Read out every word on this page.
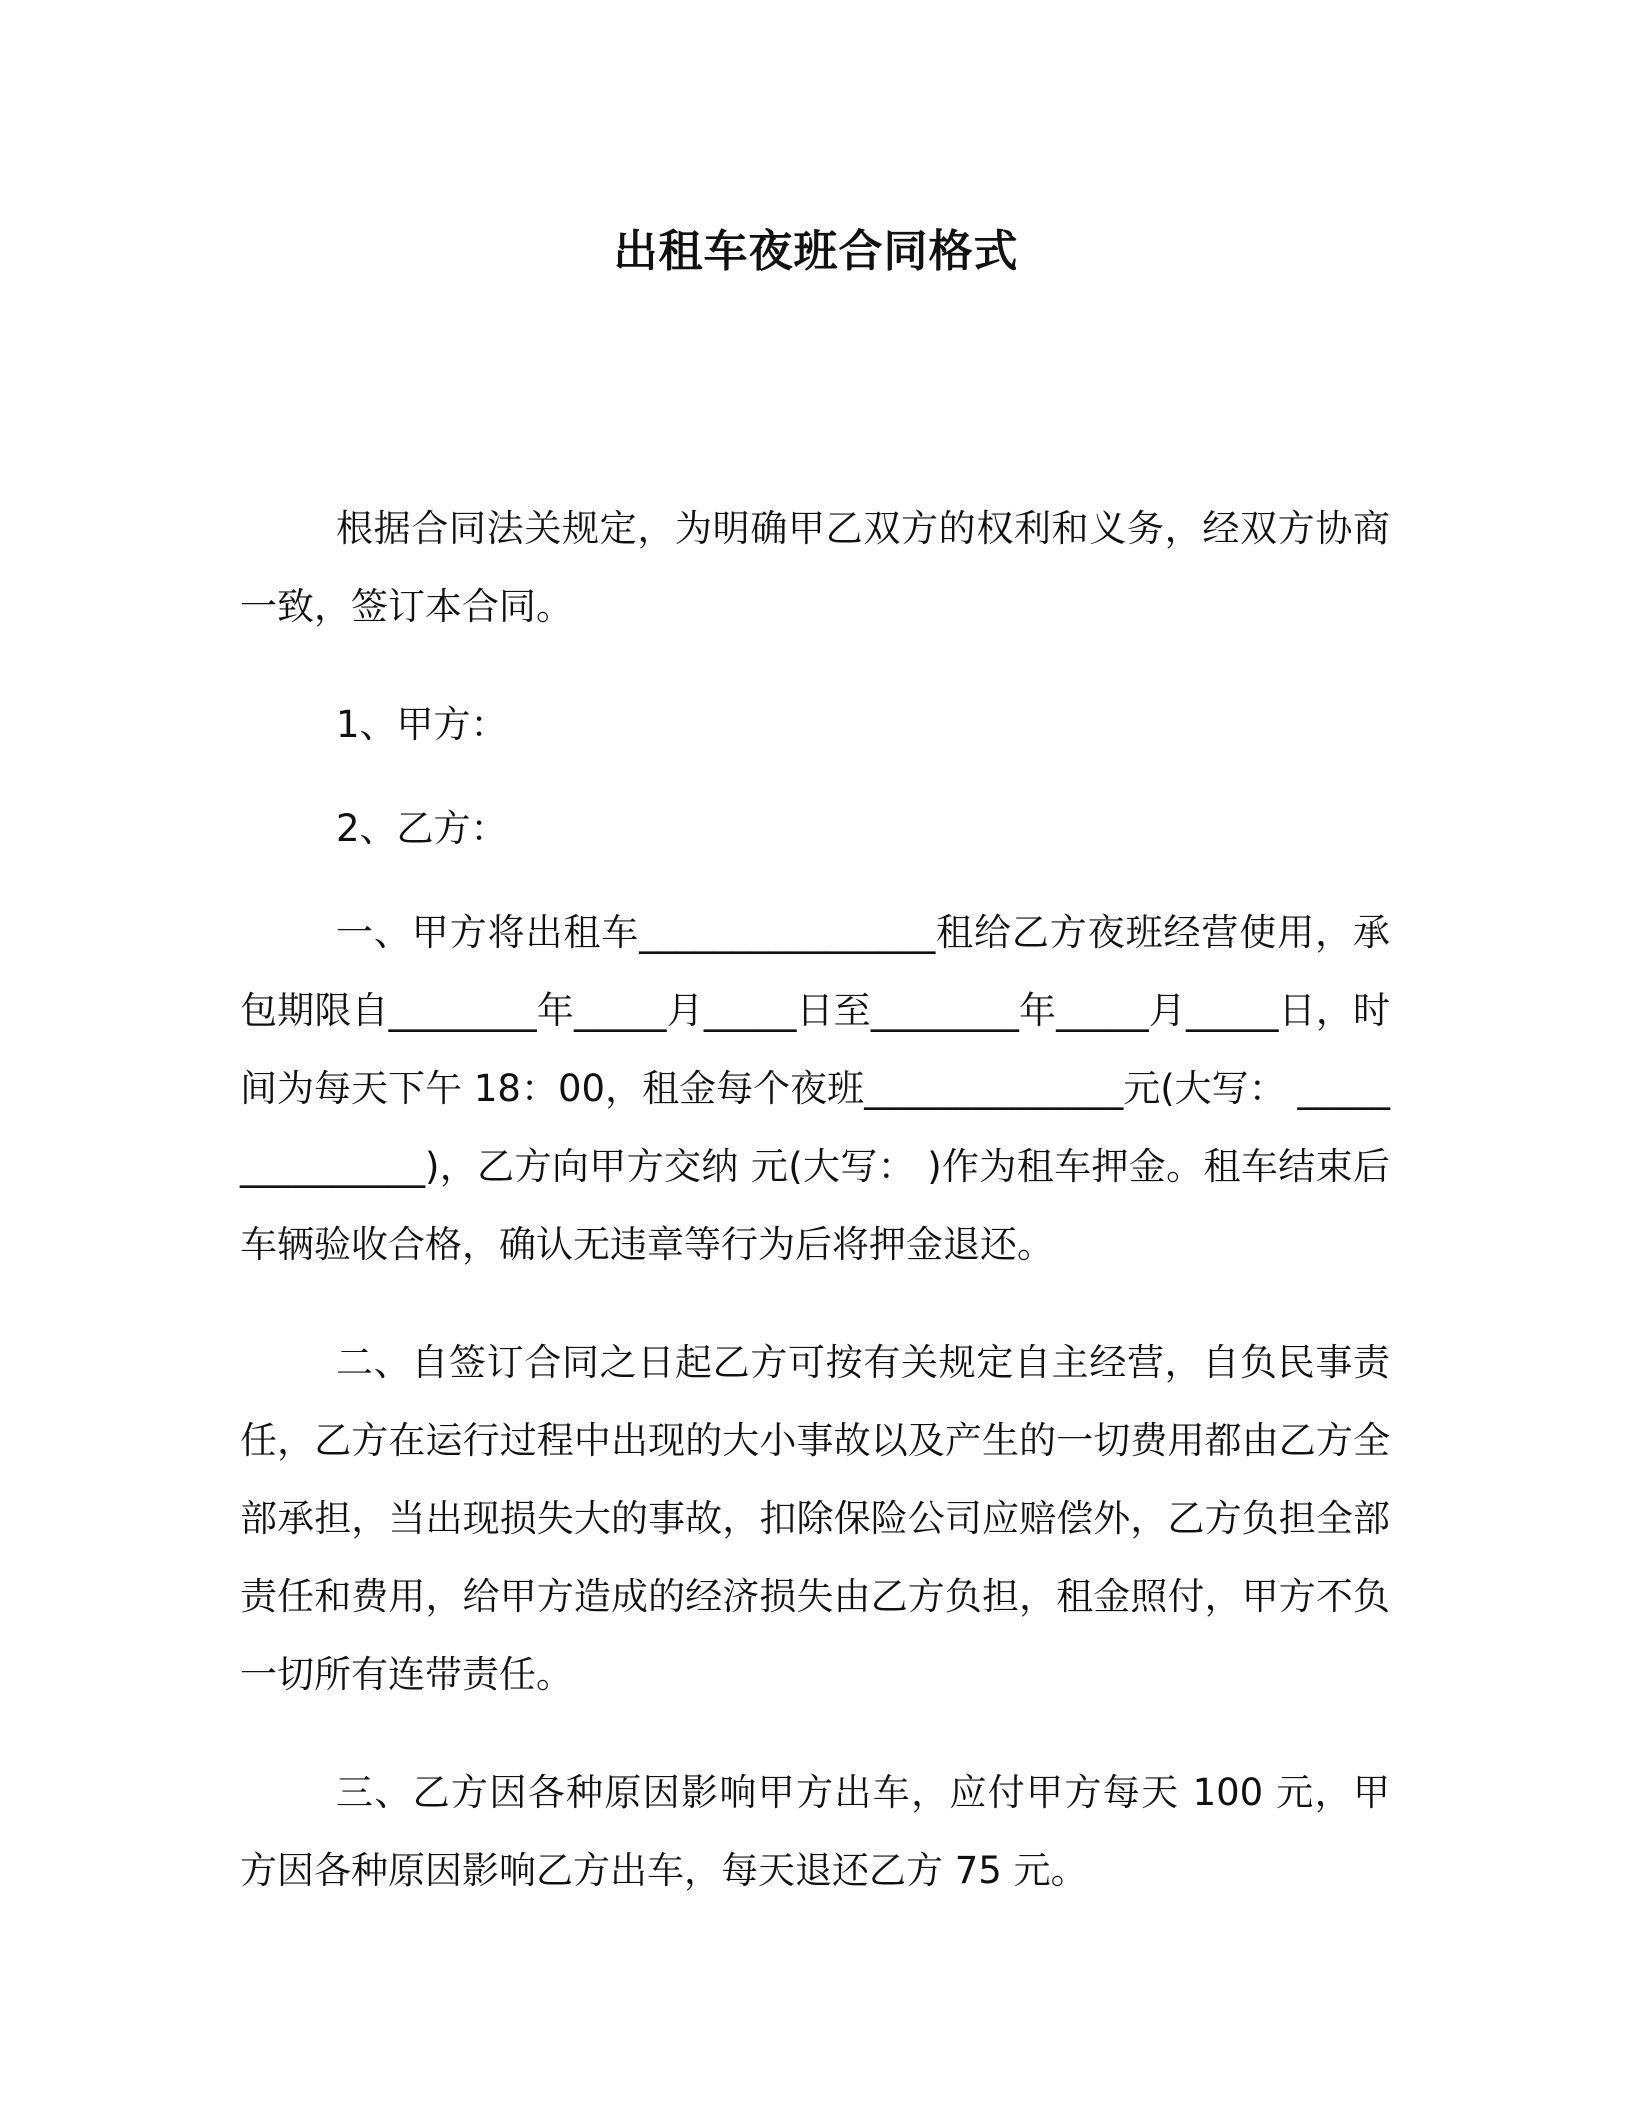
出租车夜班合同格式

根据合同法关规定，为明确甲乙双方的权利和义务，经双方协商一致，签订本合同。

1、甲方：

2、乙方：

一、甲方将出租车________________租给乙方夜班经营使用，承包期限自________年_____月_____日至________年_____月_____日，时间为每天下午 18：00，租金每个夜班______________元(大写： _______________)，乙方向甲方交纳 元(大写： )作为租车押金。租车结束后车辆验收合格，确认无违章等行为后将押金退还。

二、自签订合同之日起乙方可按有关规定自主经营，自负民事责任，乙方在运行过程中出现的大小事故以及产生的一切费用都由乙方全部承担，当出现损失大的事故，扣除保险公司应赔偿外，乙方负担全部责任和费用，给甲方造成的经济损失由乙方负担，租金照付，甲方不负一切所有连带责任。

三、乙方因各种原因影响甲方出车，应付甲方每天 100 元，甲方因各种原因影响乙方出车，每天退还乙方 75 元。
